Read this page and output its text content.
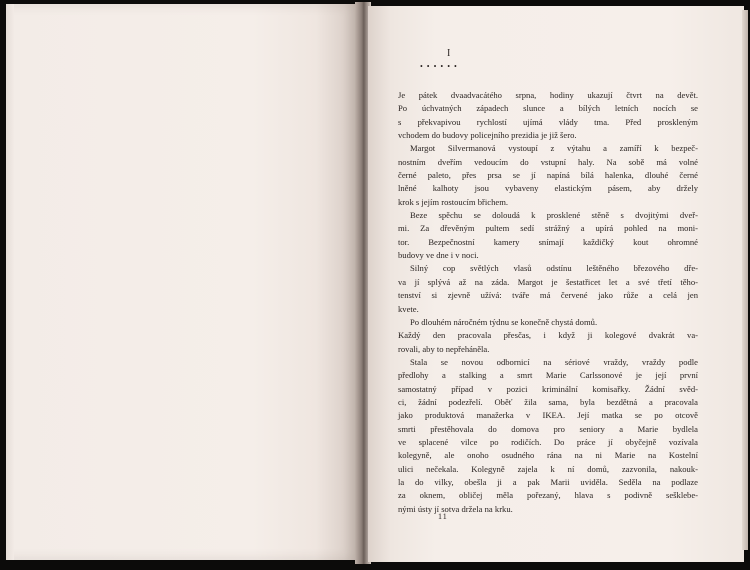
I
• • • • • •
Je pátek dvaadvacátého srpna, hodiny ukazují čtvrt na devět.
Po úchvatných západech slunce a bílých letních nocích se
s překvapivou rychlostí ujímá vlády tma. Před proskleným
vchodem do budovy policejního prezidia je již šero.
Margot Silvermanová vystoupí z výtahu a zamíří k bezpeč-
nostním dveřím vedoucím do vstupní haly. Na sobě má volné
černé paleto, přes prsa se jí napíná bílá halenka, dlouhé černé
lněné kalhoty jsou vybaveny elastickým pásem, aby držely
krok s jejím rostoucím břichem.
Beze spěchu se doloudá k prosklené stěně s dvojitými dveř-
mi. Za dřevěným pultem sedí strážný a upírá pohled na moni-
tor. Bezpečnostní kamery snímají každičký kout ohromné
budovy ve dne i v noci.
Silný cop světlých vlasů odstínu leštěného březového dře-
va jí splývá až na záda. Margot je šestatřicet let a své třetí těho-
tenství si zjevně užívá: tváře má červené jako růže a celá jen
kvete.
Po dlouhém náročném týdnu se konečně chystá domů.
Každý den pracovala přesčas, i když ji kolegové dvakrát va-
rovali, aby to nepřeháněla.
Stala se novou odbornicí na sériové vraždy, vraždy podle
předlohy a stalking a smrt Marie Carlssonové je její první
samostatný případ v pozici kriminální komisařky. Žádní svěd-
ci, žádní podezřelí. Oběť žila sama, byla bezdětná a pracovala
jako produktová manažerka v IKEA. Její matka se po otcově
smrti přestěhovala do domova pro seniory a Marie bydlela
ve splacené vilce po rodičích. Do práce jí obyčejně vozívala
kolegyně, ale onoho osudného rána na ni Marie na Kostelní
ulici nečekala. Kolegyně zajela k ní domů, zazvonila, nakouk-
la do vilky, obešla ji a pak Marii uviděla. Seděla na podlaze
za oknem, obličej měla pořezaný, hlava s podivně sešklebe-
nými ústy jí sotva držela na krku.
11
